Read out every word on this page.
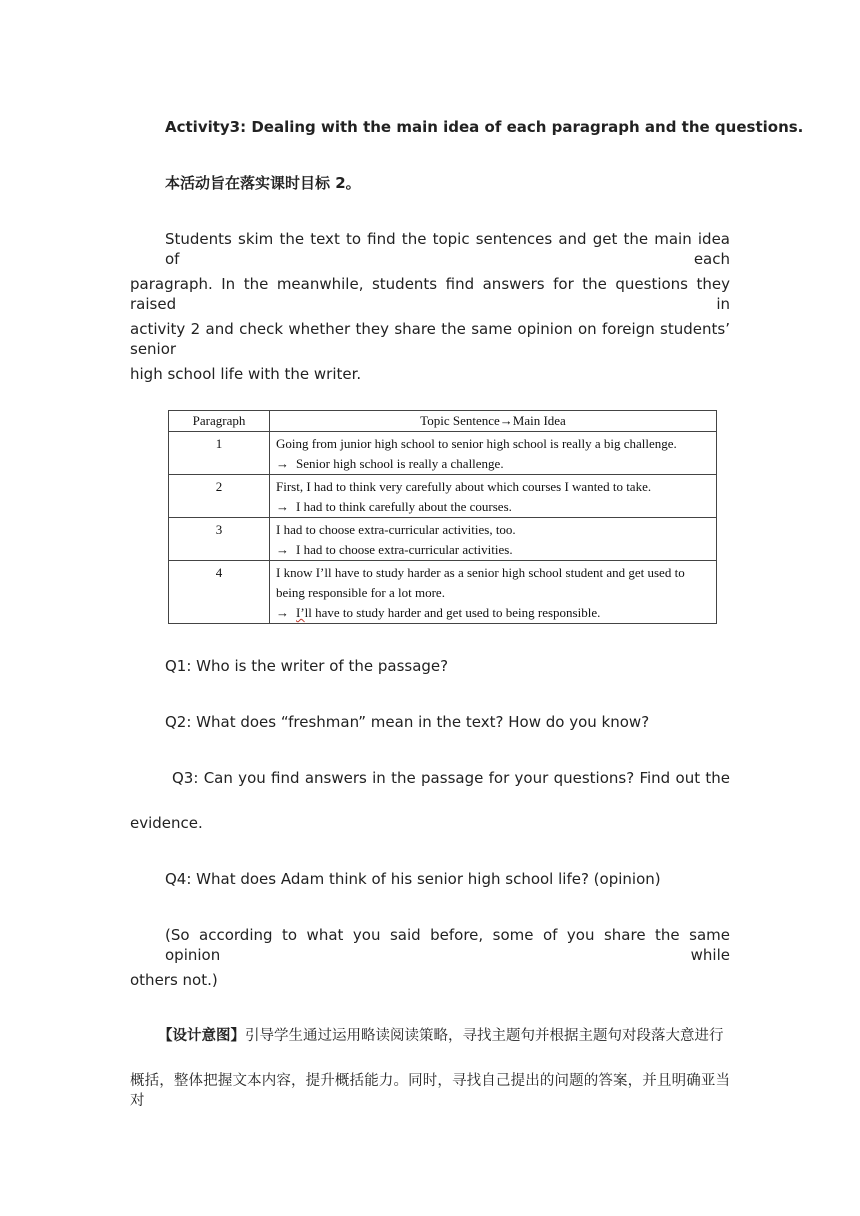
Activity3: Dealing with the main idea of each paragraph and the questions.
本活动旨在落实课时目标 2。
Students skim the text to find the topic sentences and get the main idea of each
paragraph. In the meanwhile, students find answers for the questions they raised in
activity 2 and check whether they share the same opinion on foreign students’ senior
high school life with the writer.
Paragraph	Topic Sentence→Main Idea
1	Going from junior high school to senior high school is really a big challenge.
→ Senior high school is really a challenge.

2	First, I had to think very carefully about which courses I wanted to take.
→ I had to think carefully about the courses.

3	I had to choose extra-curricular activities, too.
→ I had to choose extra-curricular activities.

4	I know I’ll have to study harder as a senior high school student and get used to
being responsible for a lot more.
→ I’ll have to study harder and get used to being responsible.
Q1: Who is the writer of the passage?
Q2: What does “freshman” mean in the text? How do you know?
Q3: Can you find answers in the passage for your questions? Find out the
evidence.
Q4: What does Adam think of his senior high school life? (opinion)
(So according to what you said before, some of you share the same opinion while
others not.)
【设计意图】引导学生通过运用略读阅读策略，寻找主题句并根据主题句对段落大意进行
概括，整体把握文本内容，提升概括能力。同时，寻找自己提出的问题的答案，并且明确亚当对
